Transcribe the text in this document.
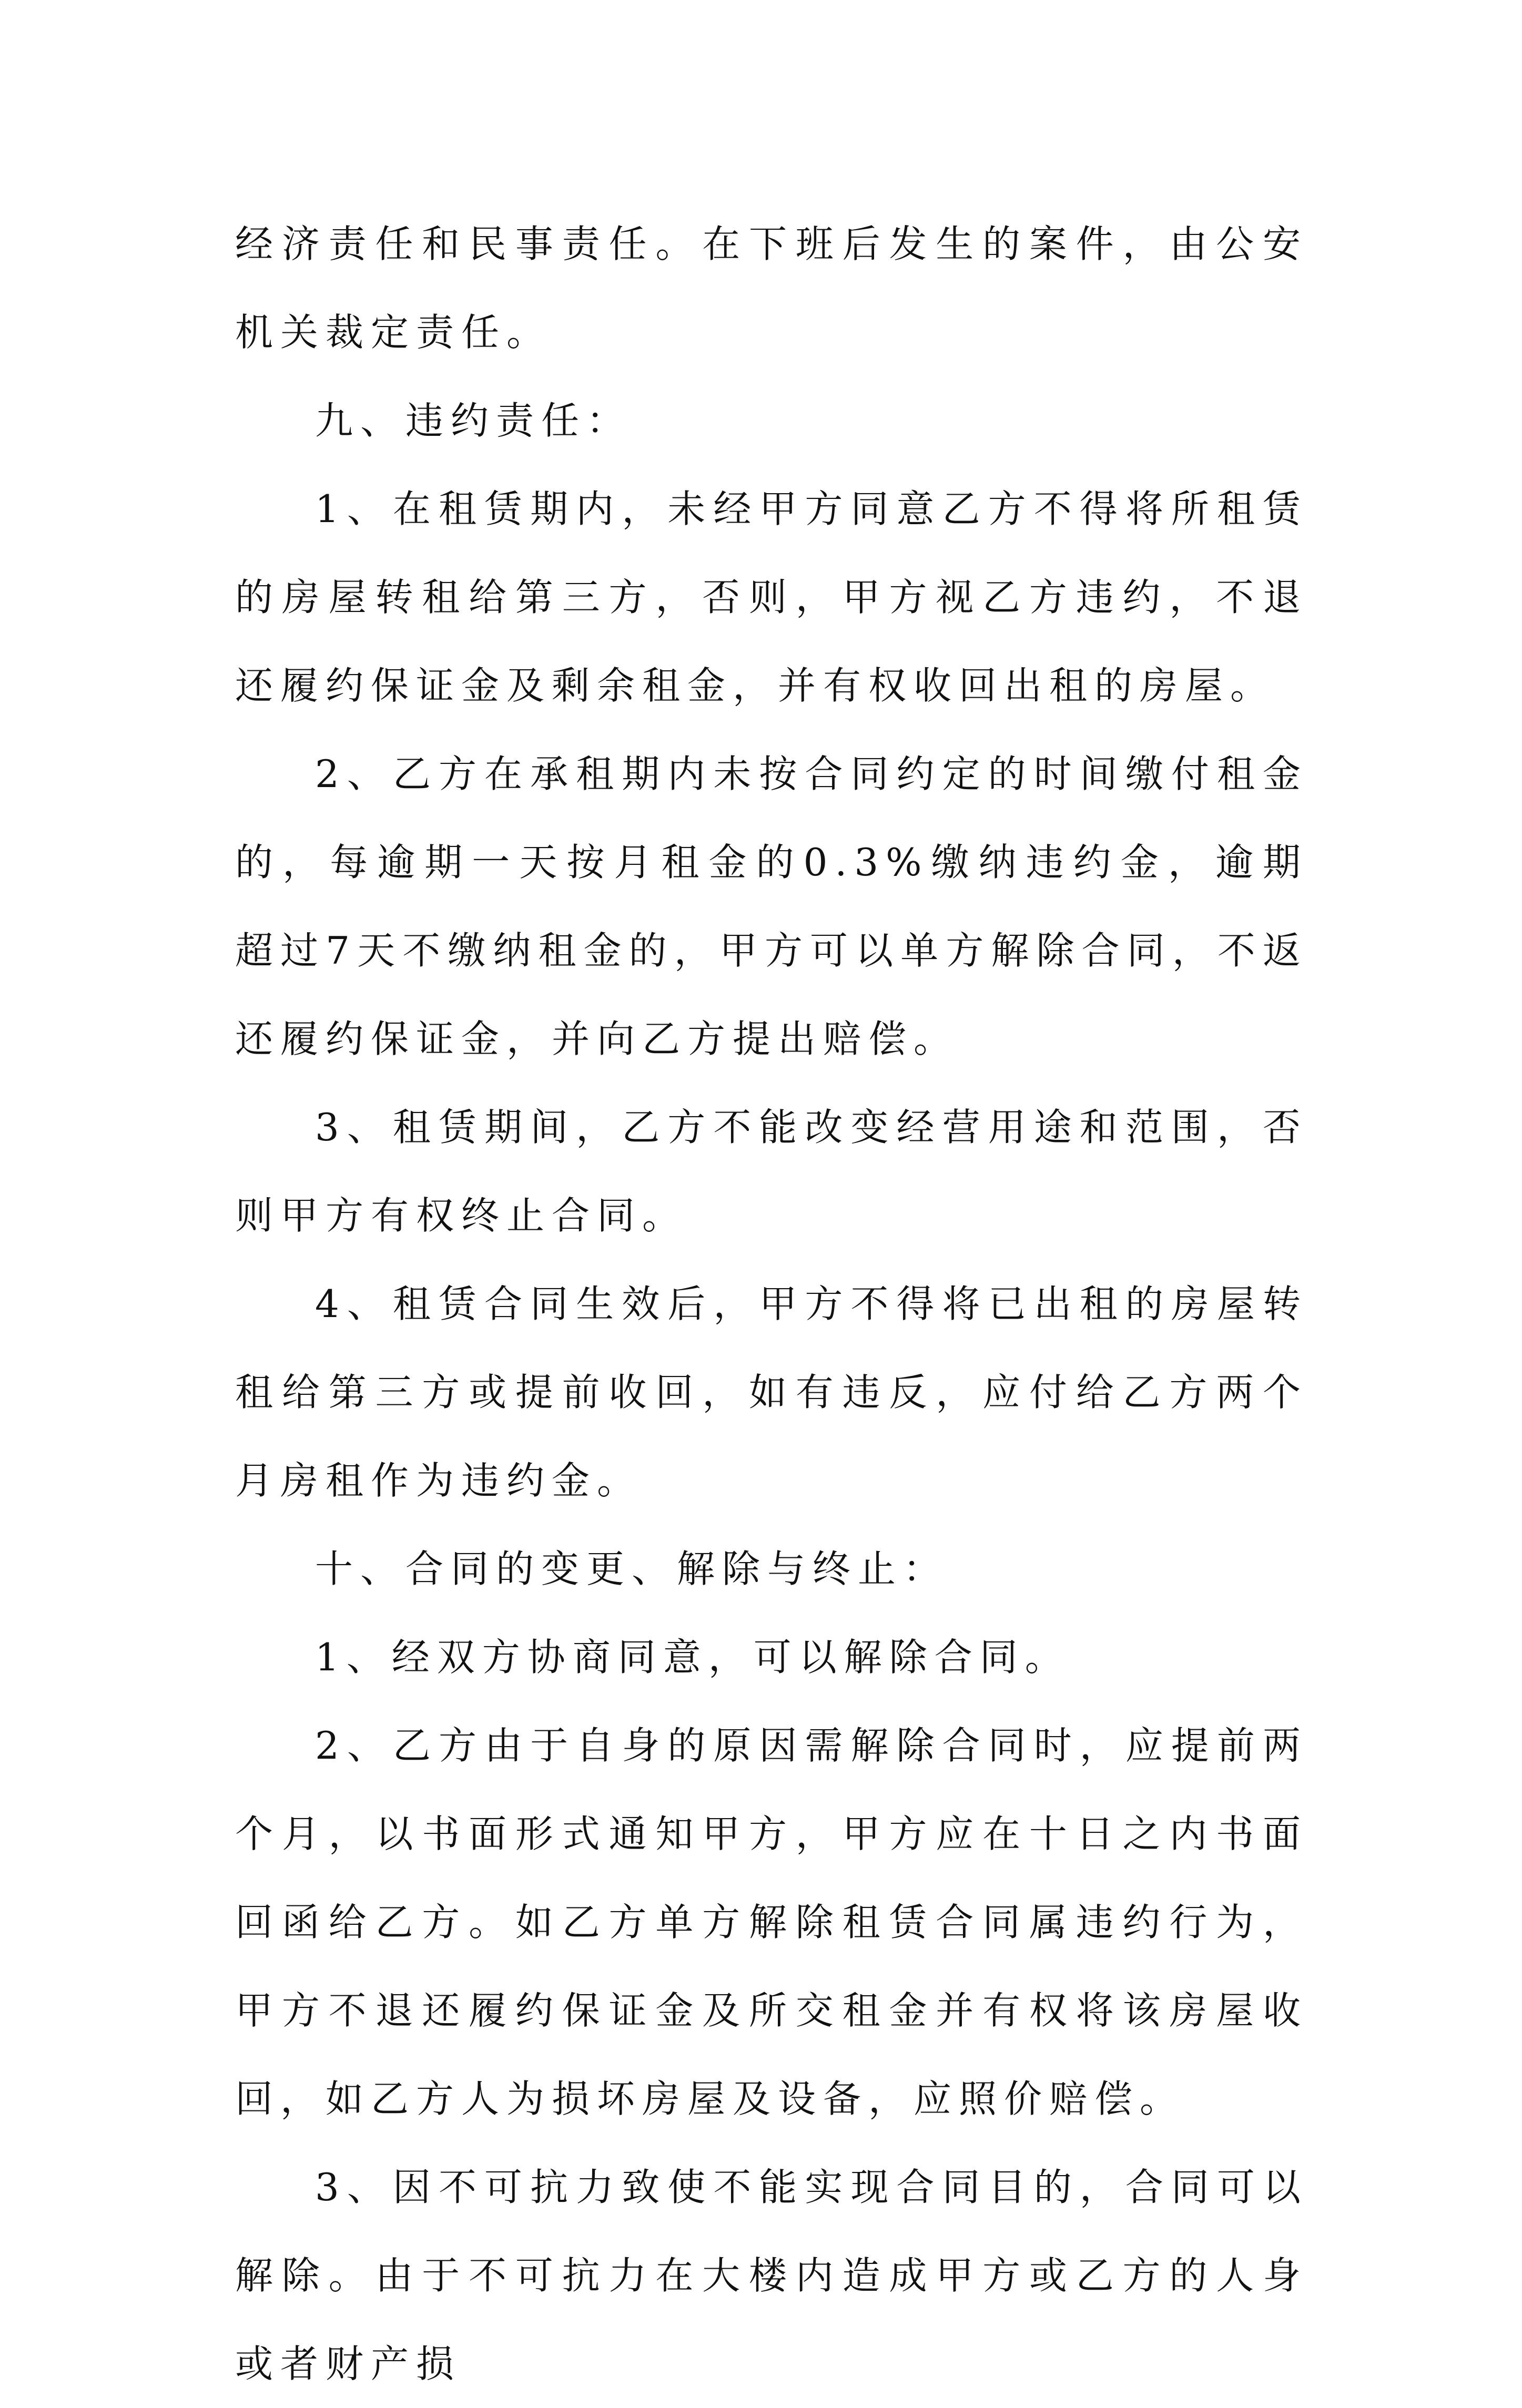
经济责任和民事责任。在下班后发生的案件，由公安机关裁定责任。

九、违约责任：

1、在租赁期内，未经甲方同意乙方不得将所租赁的房屋转租给第三方，否则，甲方视乙方违约，不退还履约保证金及剩余租金，并有权收回出租的房屋。

2、乙方在承租期内未按合同约定的时间缴付租金的，每逾期一天按月租金的0.3%缴纳违约金，逾期超过7天不缴纳租金的，甲方可以单方解除合同，不返还履约保证金，并向乙方提出赔偿。

3、租赁期间，乙方不能改变经营用途和范围，否则甲方有权终止合同。

4、租赁合同生效后，甲方不得将已出租的房屋转租给第三方或提前收回，如有违反，应付给乙方两个月房租作为违约金。

十、合同的变更、解除与终止：

1、经双方协商同意，可以解除合同。

2、乙方由于自身的原因需解除合同时，应提前两个月，以书面形式通知甲方，甲方应在十日之内书面回函给乙方。如乙方单方解除租赁合同属违约行为，甲方不退还履约保证金及所交租金并有权将该房屋收回，如乙方人为损坏房屋及设备，应照价赔偿。

3、因不可抗力致使不能实现合同目的，合同可以解除。由于不可抗力在大楼内造成甲方或乙方的人身或者财产损
